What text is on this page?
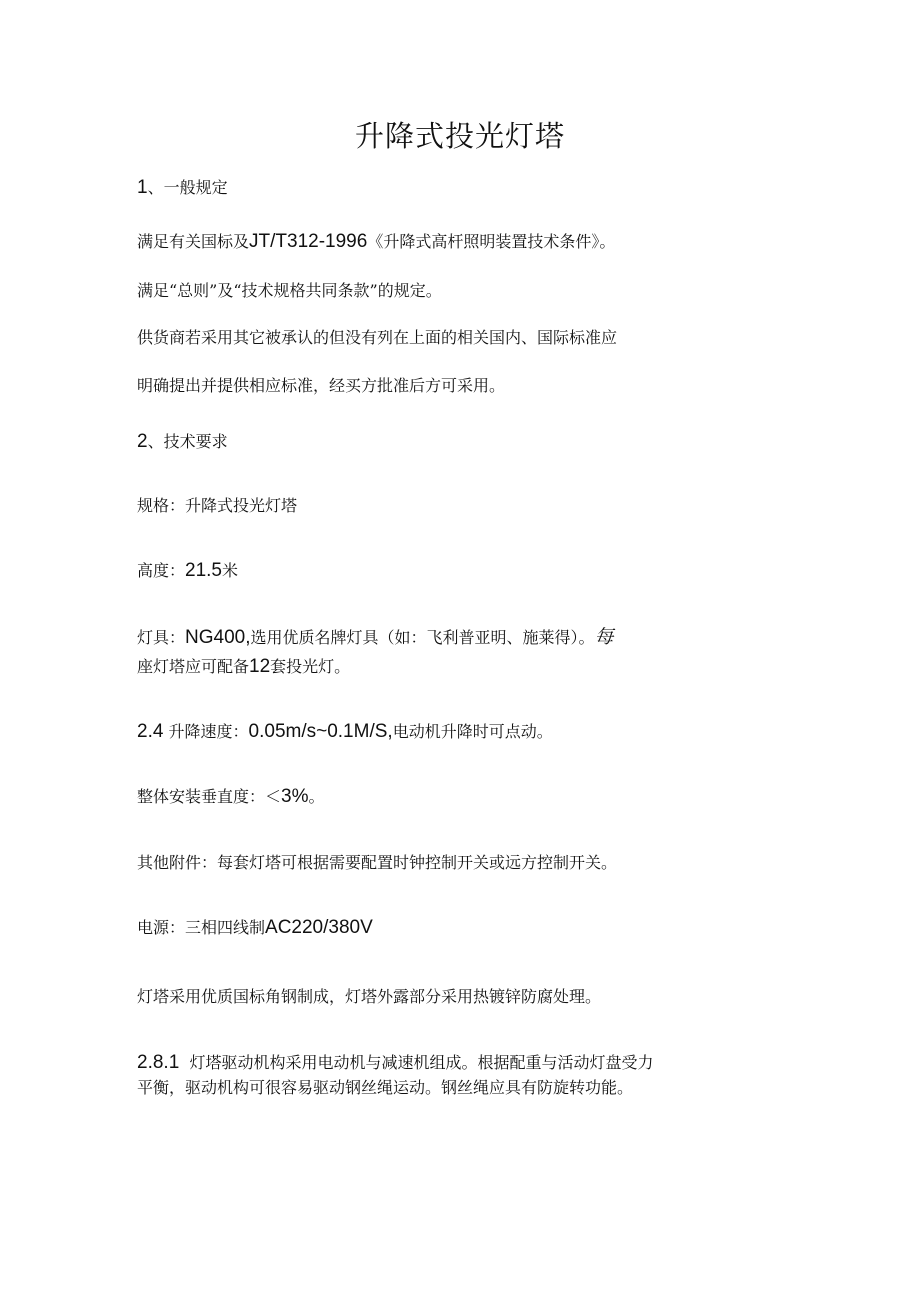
升降式投光灯塔
1、一般规定
满足有关国标及JT/T312-1996《升降式高杆照明装置技术条件》。
满足“总则”及“技术规格共同条款”的规定。
供货商若采用其它被承认的但没有列在上面的相关国内、国际标准应
明确提出并提供相应标准，经买方批准后方可采用。
2、技术要求
规格：升降式投光灯塔
高度：21.5米
灯具：NG400,选用优质名牌灯具（如：飞利普亚明、施莱得）。每
座灯塔应可配备12套投光灯。
2.4 升降速度：0.05m/s~0.1M/S,电动机升降时可点动。
整体安装垂直度：＜3%。
其他附件：每套灯塔可根据需要配置时钟控制开关或远方控制开关。
电源：三相四线制AC220/380V
灯塔采用优质国标角钢制成，灯塔外露部分采用热镀锌防腐处理。
2.8.1 灯塔驱动机构采用电动机与减速机组成。根据配重与活动灯盘受力平衡，驱动机构可很容易驱动钢丝绳运动。钢丝绳应具有防旋转功能。
